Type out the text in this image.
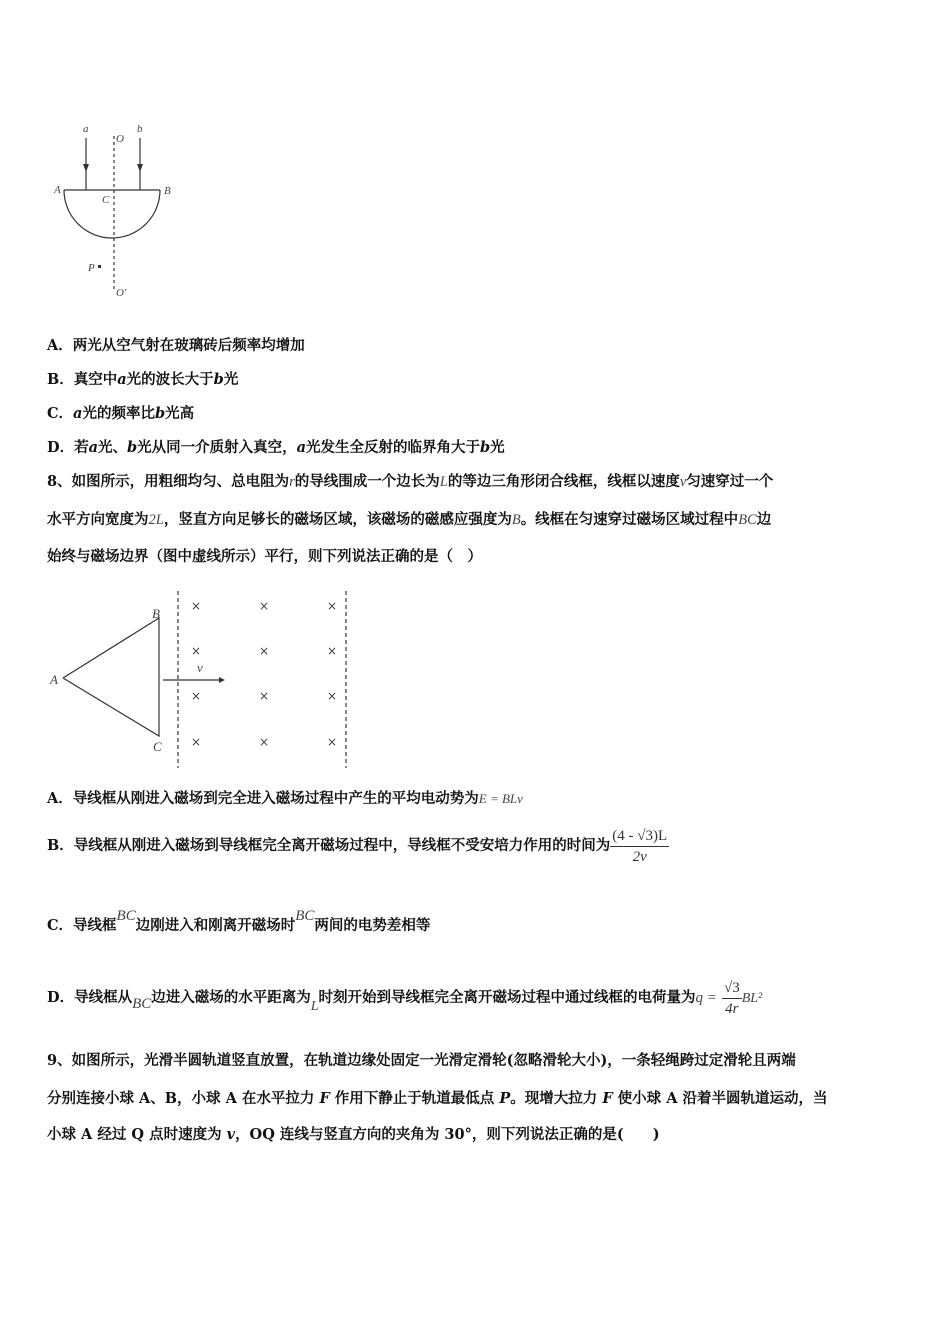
a
O
b
A	B
C
P
O'
A．两光从空气射在玻璃砖后频率均增加
B．真空中a光的波长大于b光
C．a光的频率比b光高
D．若a光、b光从同一介质射入真空，a光发生全反射的临界角大于b光
8、如图所示，用粗细均匀、总电阻为r的导线围成一个边长为L的等边三角形闭合线框，线框以速度v匀速穿过一个
水平方向宽度为2L，竖直方向足够长的磁场区域，该磁场的磁感应强度为B。线框在匀速穿过磁场区域过程中BC边
始终与磁场边界（图中虚线所示）平行，则下列说法正确的是（　）
A
B
C
v
×	×	×
×	×	×
×	×	×
×	×	×
A．导线框从刚进入磁场到完全进入磁场过程中产生的平均电动势为E = BLv
B．导线框从刚进入磁场到导线框完全离开磁场过程中，导线框不受安培力作用的时间为 $\frac{(4 - √3)L}{2v}$
C．导线框BC边刚进入和刚离开磁场时BC两间的电势差相等
D．导线框从BC边进入磁场的水平距离为L时刻开始到导线框完全离开磁场过程中通过线框的电荷量为$q = \frac{√3}{4r} BL^2$
9、如图所示，光滑半圆轨道竖直放置，在轨道边缘处固定一光滑定滑轮(忽略滑轮大小)，一条轻绳跨过定滑轮且两端
分别连接小球 A、B，小球 A 在水平拉力 F 作用下静止于轨道最低点 P。现增大拉力 F 使小球 A 沿着半圆轨道运动，当
小球 A 经过 Q 点时速度为 v，OQ 连线与竖直方向的夹角为 30°，则下列说法正确的是(　　)
